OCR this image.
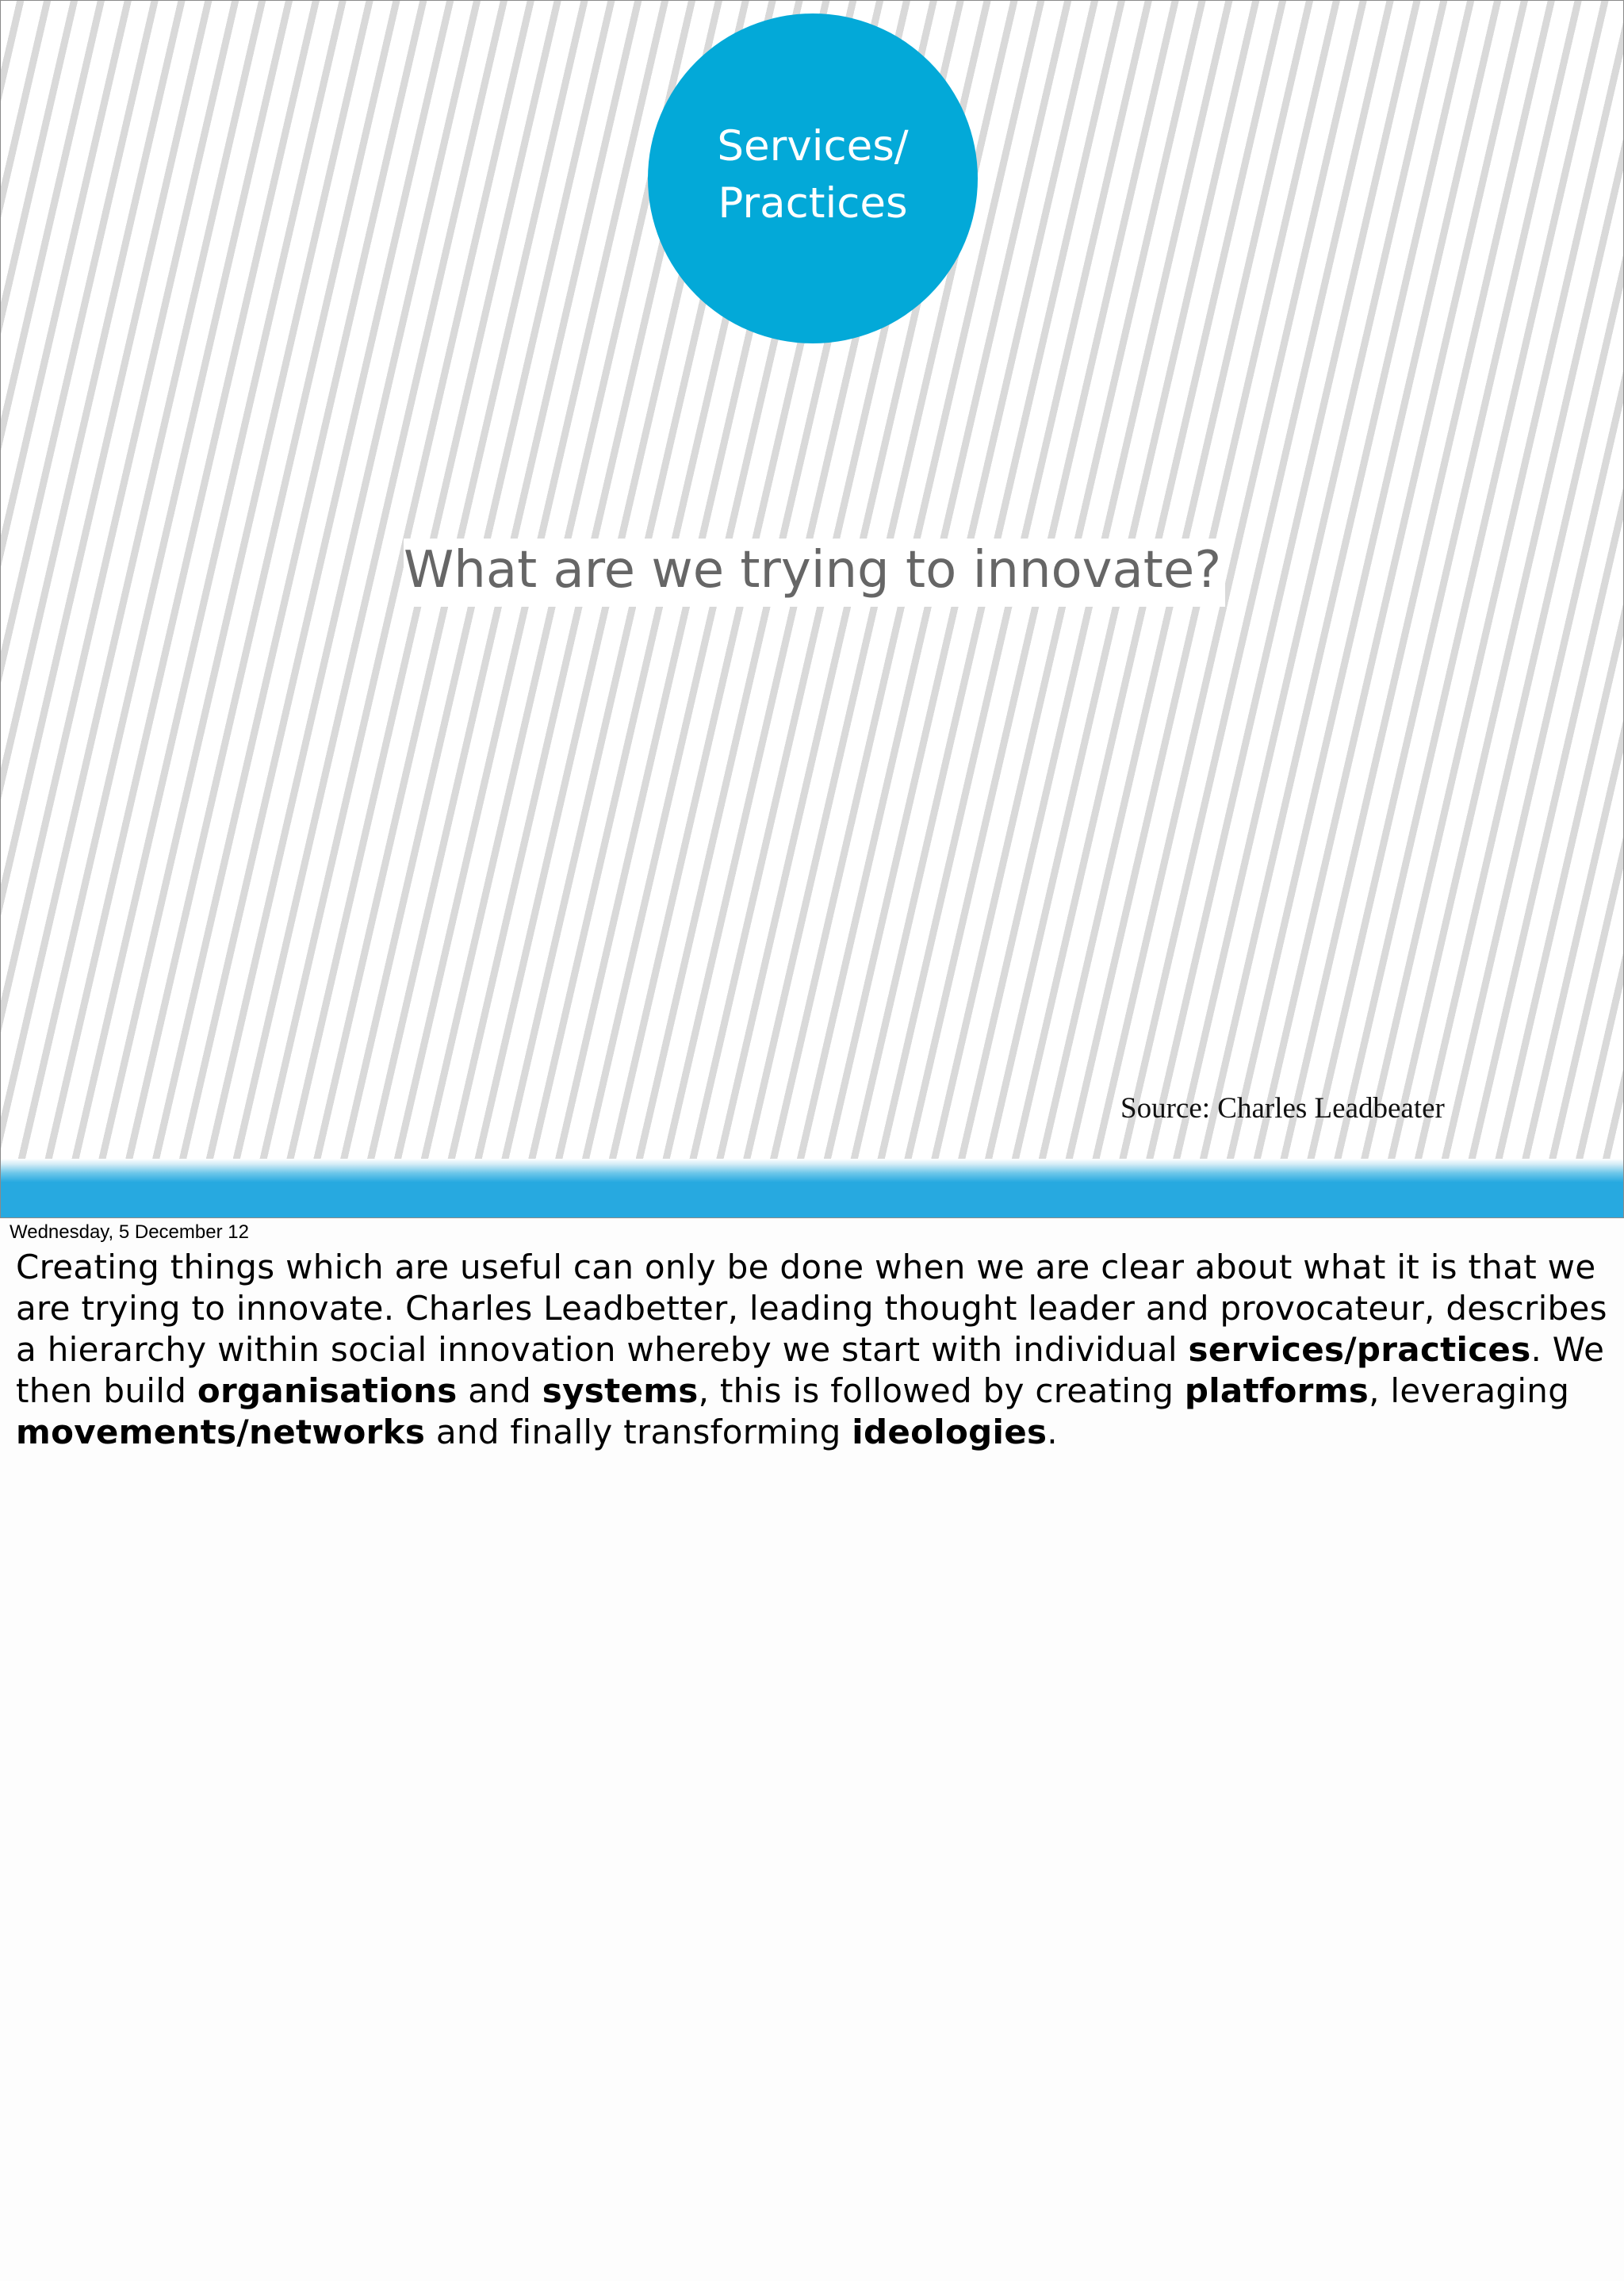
Services/
Practices
What are we trying to innovate?
Source: Charles Leadbeater
Wednesday, 5 December 12
Creating things which are useful can only be done when we are clear about what it is that we are trying to innovate. Charles Leadbetter, leading thought leader and provocateur, describes a hierarchy within social innovation whereby we start with individual services/practices. We then build organisations and systems, this is followed by creating platforms, leveraging movements/networks and finally transforming ideologies.
